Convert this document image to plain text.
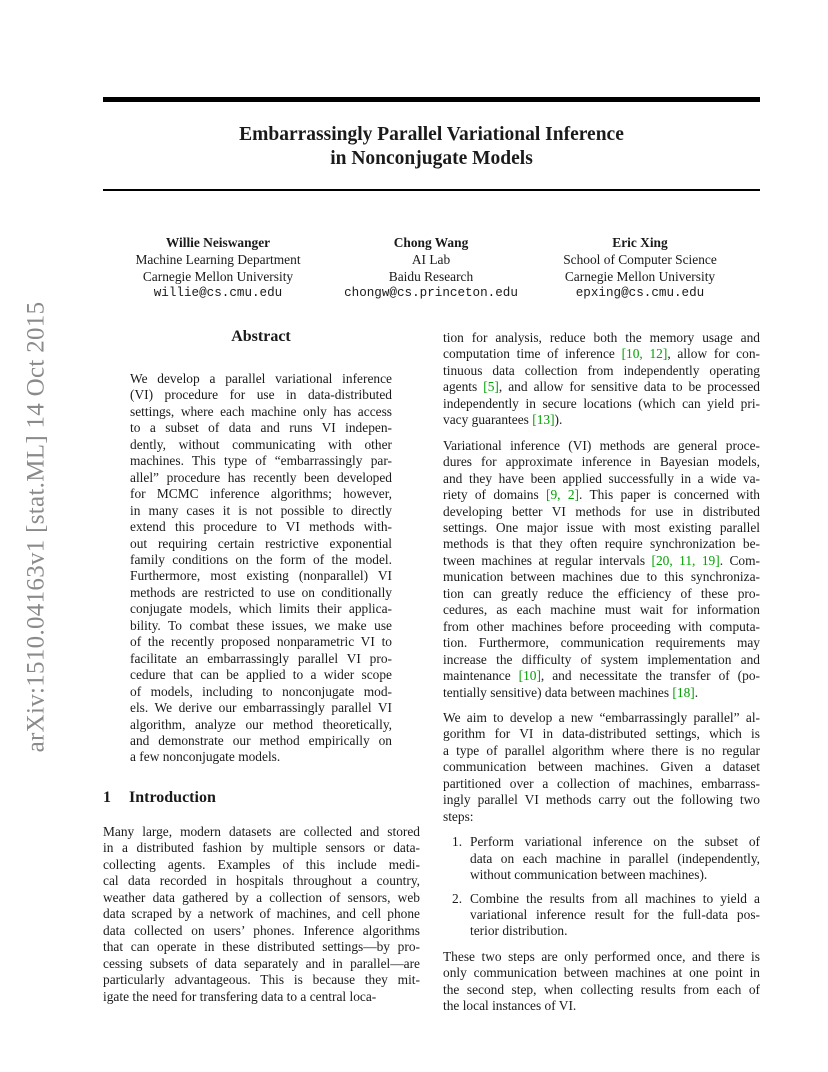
arXiv:1510.04163v1 [stat.ML] 14 Oct 2015
Embarrassingly Parallel Variational Inference
in Nonconjugate Models
Willie Neiswanger
Machine Learning Department
Carnegie Mellon University
willie@cs.cmu.edu
Chong Wang
AI Lab
Baidu Research
chongw@cs.princeton.edu
Eric Xing
School of Computer Science
Carnegie Mellon University
epxing@cs.cmu.edu
Abstract

We develop a parallel variational inference
(VI) procedure for use in data-distributed
settings, where each machine only has access
to a subset of data and runs VI indepen-
dently, without communicating with other
machines. This type of “embarrassingly par-
allel” procedure has recently been developed
for MCMC inference algorithms; however,
in many cases it is not possible to directly
extend this procedure to VI methods with-
out requiring certain restrictive exponential
family conditions on the form of the model.
Furthermore, most existing (nonparallel) VI
methods are restricted to use on conditionally
conjugate models, which limits their applica-
bility. To combat these issues, we make use
of the recently proposed nonparametric VI to
facilitate an embarrassingly parallel VI pro-
cedure that can be applied to a wider scope
of models, including to nonconjugate mod-
els. We derive our embarrassingly parallel VI
algorithm, analyze our method theoretically,
and demonstrate our method empirically on
a few nonconjugate models.

1 Introduction

Many large, modern datasets are collected and stored
in a distributed fashion by multiple sensors or data-
collecting agents. Examples of this include medi-
cal data recorded in hospitals throughout a country,
weather data gathered by a collection of sensors, web
data scraped by a network of machines, and cell phone
data collected on users’ phones. Inference algorithms
that can operate in these distributed settings—by pro-
cessing subsets of data separately and in parallel—are
particularly advantageous. This is because they mit-
igate the need for transfering data to a central loca-

tion for analysis, reduce both the memory usage and
computation time of inference [10, 12], allow for con-
tinuous data collection from independently operating
agents [5], and allow for sensitive data to be processed
independently in secure locations (which can yield pri-
vacy guarantees [13]).

Variational inference (VI) methods are general proce-
dures for approximate inference in Bayesian models,
and they have been applied successfully in a wide va-
riety of domains [9, 2]. This paper is concerned with
developing better VI methods for use in distributed
settings. One major issue with most existing parallel
methods is that they often require synchronization be-
tween machines at regular intervals [20, 11, 19]. Com-
munication between machines due to this synchroniza-
tion can greatly reduce the efficiency of these pro-
cedures, as each machine must wait for information
from other machines before proceeding with computa-
tion. Furthermore, communication requirements may
increase the difficulty of system implementation and
maintenance [10], and necessitate the transfer of (po-
tentially sensitive) data between machines [18].

We aim to develop a new “embarrassingly parallel” al-
gorithm for VI in data-distributed settings, which is
a type of parallel algorithm where there is no regular
communication between machines. Given a dataset
partitioned over a collection of machines, embarrass-
ingly parallel VI methods carry out the following two
steps:

1. Perform variational inference on the subset of
data on each machine in parallel (independently,
without communication between machines).
2. Combine the results from all machines to yield a
variational inference result for the full-data pos-
terior distribution.

These two steps are only performed once, and there is
only communication between machines at one point in
the second step, when collecting results from each of
the local instances of VI.
